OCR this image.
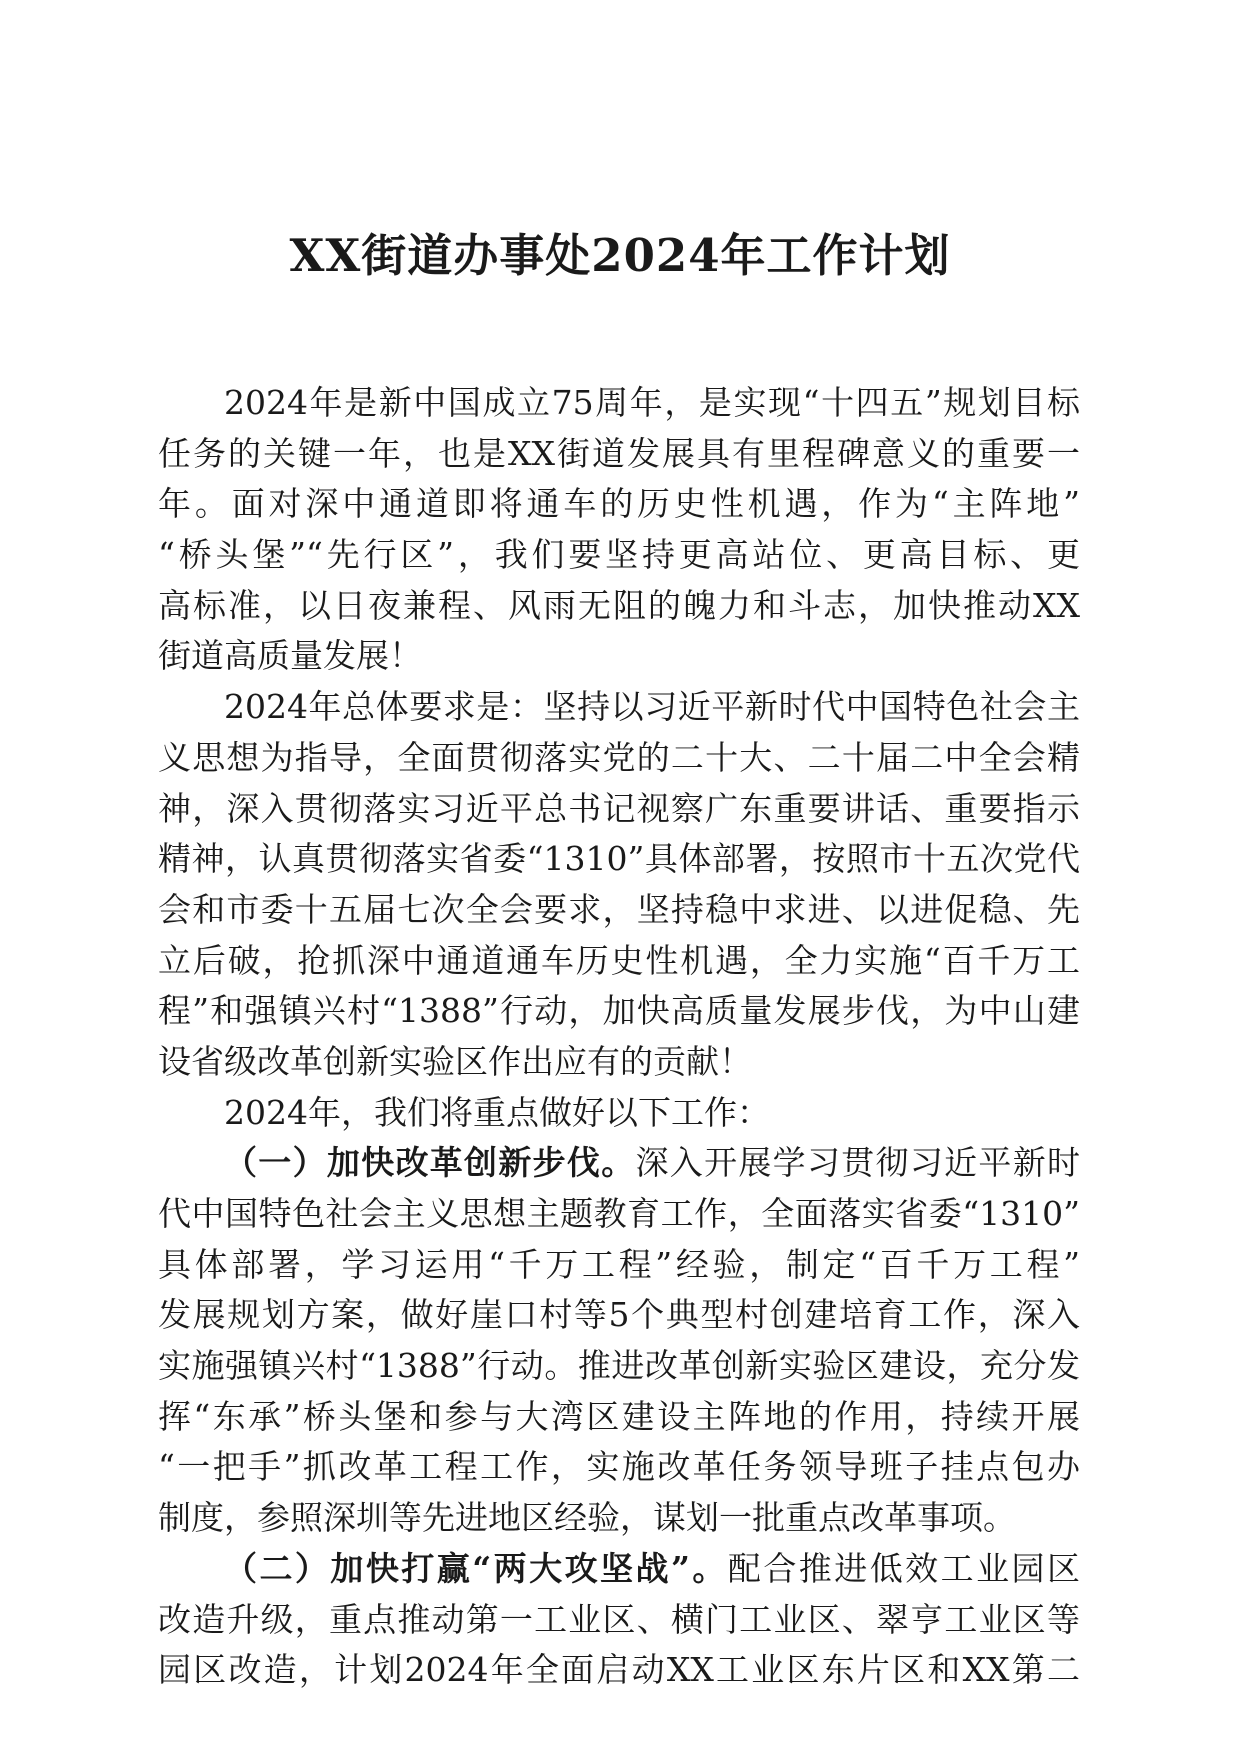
XX街道办事处2024年工作计划
2024年是新中国成立75周年，是实现“十四五”规划目标
任务的关键一年，也是XX街道发展具有里程碑意义的重要一
年。面对深中通道即将通车的历史性机遇，作为“主阵地”
“桥头堡”“先行区”，我们要坚持更高站位、更高目标、更
高标准，以日夜兼程、风雨无阻的魄力和斗志，加快推动XX
街道高质量发展！
2024年总体要求是：坚持以习近平新时代中国特色社会主
义思想为指导，全面贯彻落实党的二十大、二十届二中全会精
神，深入贯彻落实习近平总书记视察广东重要讲话、重要指示
精神，认真贯彻落实省委“1310”具体部署，按照市十五次党代
会和市委十五届七次全会要求，坚持稳中求进、以进促稳、先
立后破，抢抓深中通道通车历史性机遇，全力实施“百千万工
程”和强镇兴村“1388”行动，加快高质量发展步伐，为中山建
设省级改革创新实验区作出应有的贡献！
2024年，我们将重点做好以下工作：
（一）加快改革创新步伐。深入开展学习贯彻习近平新时
代中国特色社会主义思想主题教育工作，全面落实省委“1310”
具体部署，学习运用“千万工程”经验，制定“百千万工程”
发展规划方案，做好崖口村等5个典型村创建培育工作，深入
实施强镇兴村“1388”行动。推进改革创新实验区建设，充分发
挥“东承”桥头堡和参与大湾区建设主阵地的作用，持续开展
“一把手”抓改革工程工作，实施改革任务领导班子挂点包办
制度，参照深圳等先进地区经验，谋划一批重点改革事项。
（二）加快打赢“两大攻坚战”。配合推进低效工业园区
改造升级，重点推动第一工业区、横门工业区、翠亨工业区等
园区改造，计划2024年全面启动XX工业区东片区和XX第二
